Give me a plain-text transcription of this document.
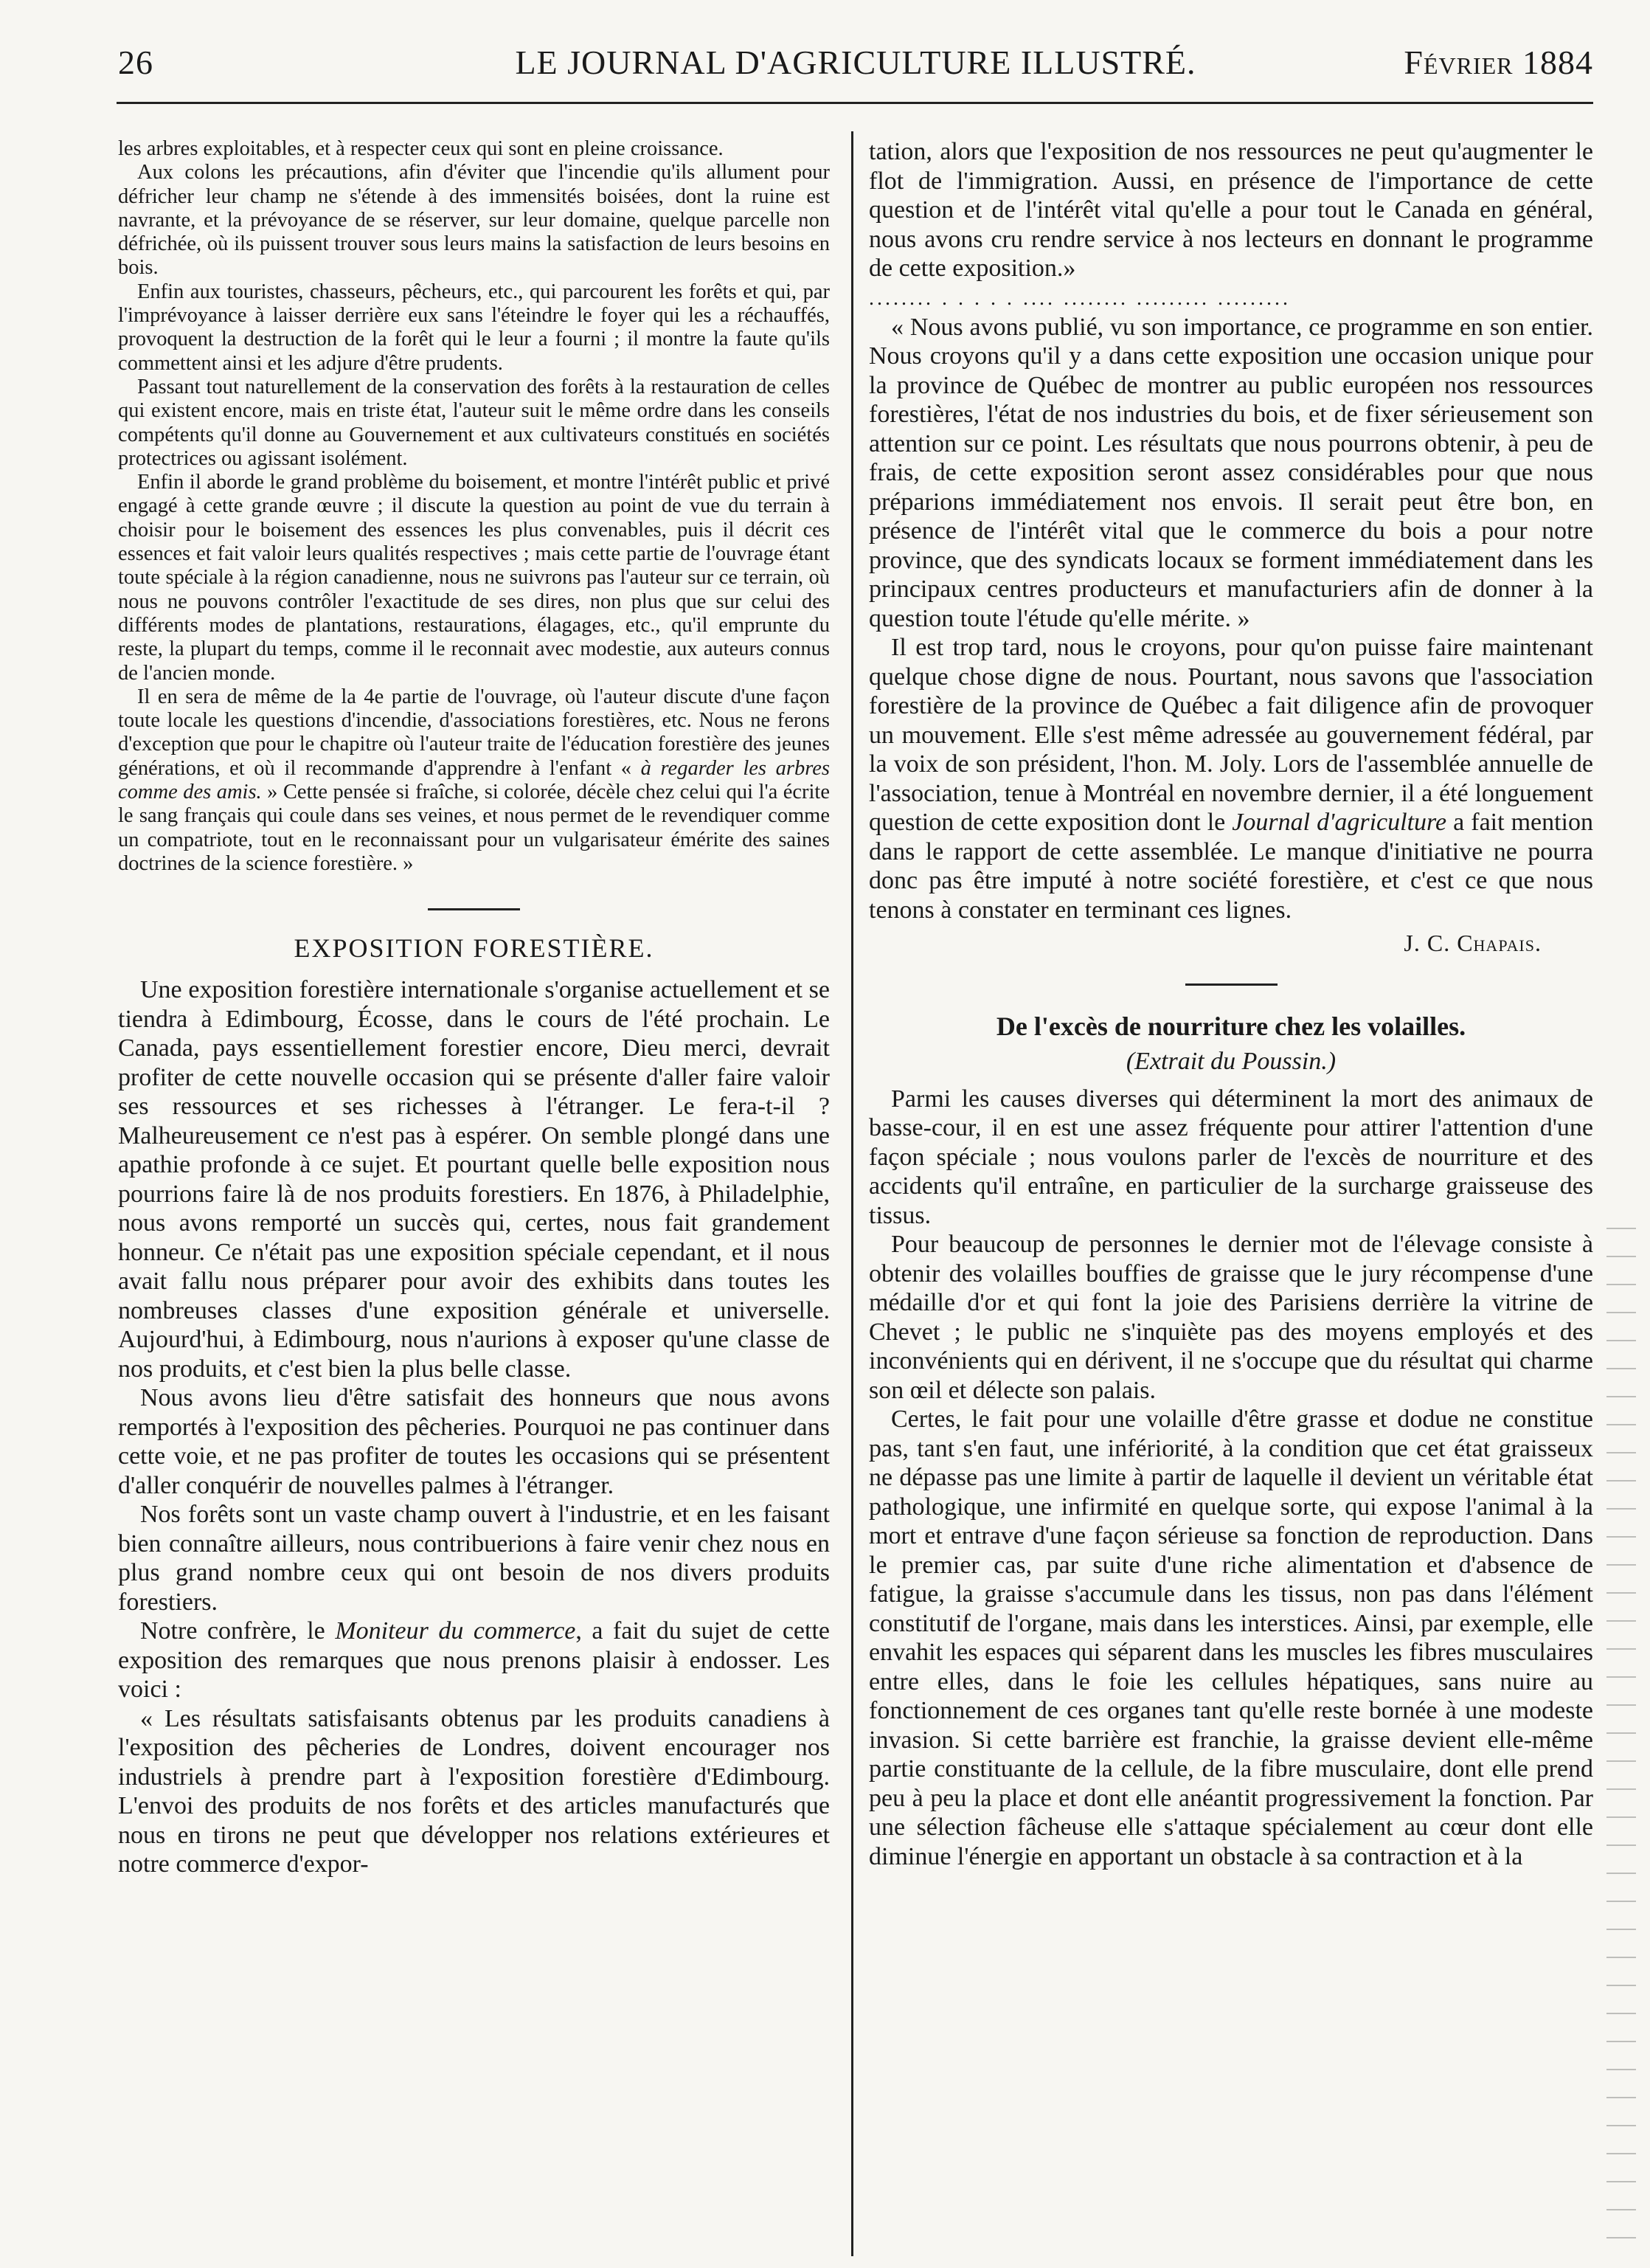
26	LE JOURNAL D'AGRICULTURE ILLUSTRÉ.	Février 1884

les arbres exploitables, et à respecter ceux qui sont en pleine croissance.

Aux colons les précautions, afin d'éviter que l'incendie qu'ils allument pour défricher leur champ ne s'étende à des immensités boisées, dont la ruine est navrante, et la prévoyance de se réserver, sur leur domaine, quelque parcelle non défrichée, où ils puissent trouver sous leurs mains la satisfaction de leurs besoins en bois.

Enfin aux touristes, chasseurs, pêcheurs, etc., qui parcourent les forêts et qui, par l'imprévoyance à laisser derrière eux sans l'éteindre le foyer qui les a réchauffés, provoquent la destruction de la forêt qui le leur a fourni ; il montre la faute qu'ils commettent ainsi et les adjure d'être prudents.

Passant tout naturellement de la conservation des forêts à la restauration de celles qui existent encore, mais en triste état, l'auteur suit le même ordre dans les conseils compétents qu'il donne au Gouvernement et aux cultivateurs constitués en sociétés protectrices ou agissant isolément.

Enfin il aborde le grand problème du boisement, et montre l'intérêt public et privé engagé à cette grande œuvre ; il discute la question au point de vue du terrain à choisir pour le boisement des essences les plus convenables, puis il décrit ces essences et fait valoir leurs qualités respectives ; mais cette partie de l'ouvrage étant toute spéciale à la région canadienne, nous ne suivrons pas l'auteur sur ce terrain, où nous ne pouvons contrôler l'exactitude de ses dires, non plus que sur celui des différents modes de plantations, restaurations, élagages, etc., qu'il emprunte du reste, la plupart du temps, comme il le reconnait avec modestie, aux auteurs connus de l'ancien monde.

Il en sera de même de la 4e partie de l'ouvrage, où l'auteur discute d'une façon toute locale les questions d'incendie, d'associations forestières, etc. Nous ne ferons d'exception que pour le chapitre où l'auteur traite de l'éducation forestière des jeunes générations, et où il recommande d'apprendre à l'enfant « à regarder les arbres comme des amis. » Cette pensée si fraîche, si colorée, décèle chez celui qui l'a écrite le sang français qui coule dans ses veines, et nous permet de le revendiquer comme un compatriote, tout en le reconnaissant pour un vulgarisateur émérite des saines doctrines de la science forestière. »

EXPOSITION FORESTIÈRE.

Une exposition forestière internationale s'organise actuellement et se tiendra à Edimbourg, Écosse, dans le cours de l'été prochain. Le Canada, pays essentiellement forestier encore, Dieu merci, devrait profiter de cette nouvelle occasion qui se présente d'aller faire valoir ses ressources et ses richesses à l'étranger. Le fera-t-il ? Malheureusement ce n'est pas à espérer. On semble plongé dans une apathie profonde à ce sujet. Et pourtant quelle belle exposition nous pourrions faire là de nos produits forestiers. En 1876, à Philadelphie, nous avons remporté un succès qui, certes, nous fait grandement honneur. Ce n'était pas une exposition spéciale cependant, et il nous avait fallu nous préparer pour avoir des exhibits dans toutes les nombreuses classes d'une exposition générale et universelle. Aujourd'hui, à Edimbourg, nous n'aurions à exposer qu'une classe de nos produits, et c'est bien la plus belle classe.

Nous avons lieu d'être satisfait des honneurs que nous avons remportés à l'exposition des pêcheries. Pourquoi ne pas continuer dans cette voie, et ne pas profiter de toutes les occasions qui se présentent d'aller conquérir de nouvelles palmes à l'étranger.

Nos forêts sont un vaste champ ouvert à l'industrie, et en les faisant bien connaître ailleurs, nous contribuerions à faire venir chez nous en plus grand nombre ceux qui ont besoin de nos divers produits forestiers.

Notre confrère, le Moniteur du commerce, a fait du sujet de cette exposition des remarques que nous prenons plaisir à endosser. Les voici :

« Les résultats satisfaisants obtenus par les produits canadiens à l'exposition des pêcheries de Londres, doivent encourager nos industriels à prendre part à l'exposition forestière d'Edimbourg. L'envoi des produits de nos forêts et des articles manufacturés que nous en tirons ne peut que développer nos relations extérieures et notre commerce d'expor-

tation, alors que l'exposition de nos ressources ne peut qu'augmenter le flot de l'immigration. Aussi, en présence de l'importance de cette question et de l'intérêt vital qu'elle a pour tout le Canada en général, nous avons cru rendre service à nos lecteurs en donnant le programme de cette exposition.»

........ . . . . . .... ........ ......... .........

« Nous avons publié, vu son importance, ce programme en son entier. Nous croyons qu'il y a dans cette exposition une occasion unique pour la province de Québec de montrer au public européen nos ressources forestières, l'état de nos industries du bois, et de fixer sérieusement son attention sur ce point. Les résultats que nous pourrons obtenir, à peu de frais, de cette exposition seront assez considérables pour que nous préparions immédiatement nos envois. Il serait peut être bon, en présence de l'intérêt vital que le commerce du bois a pour notre province, que des syndicats locaux se forment immédiatement dans les principaux centres producteurs et manufacturiers afin de donner à la question toute l'étude qu'elle mérite. »

Il est trop tard, nous le croyons, pour qu'on puisse faire maintenant quelque chose digne de nous. Pourtant, nous savons que l'association forestière de la province de Québec a fait diligence afin de provoquer un mouvement. Elle s'est même adressée au gouvernement fédéral, par la voix de son président, l'hon. M. Joly. Lors de l'assemblée annuelle de l'association, tenue à Montréal en novembre dernier, il a été longuement question de cette exposition dont le Journal d'agriculture a fait mention dans le rapport de cette assemblée. Le manque d'initiative ne pourra donc pas être imputé à notre société forestière, et c'est ce que nous tenons à constater en terminant ces lignes.

J. C. Chapais.
De l'excès de nourriture chez les volailles.
(Extrait du Poussin.)

Parmi les causes diverses qui déterminent la mort des animaux de basse-cour, il en est une assez fréquente pour attirer l'attention d'une façon spéciale ; nous voulons parler de l'excès de nourriture et des accidents qu'il entraîne, en particulier de la surcharge graisseuse des tissus.

Pour beaucoup de personnes le dernier mot de l'élevage consiste à obtenir des volailles bouffies de graisse que le jury récompense d'une médaille d'or et qui font la joie des Parisiens derrière la vitrine de Chevet ; le public ne s'inquiète pas des moyens employés et des inconvénients qui en dérivent, il ne s'occupe que du résultat qui charme son œil et délecte son palais.

Certes, le fait pour une volaille d'être grasse et dodue ne constitue pas, tant s'en faut, une infériorité, à la condition que cet état graisseux ne dépasse pas une limite à partir de laquelle il devient un véritable état pathologique, une infirmité en quelque sorte, qui expose l'animal à la mort et entrave d'une façon sérieuse sa fonction de reproduction. Dans le premier cas, par suite d'une riche alimentation et d'absence de fatigue, la graisse s'accumule dans les tissus, non pas dans l'élément constitutif de l'organe, mais dans les interstices. Ainsi, par exemple, elle envahit les espaces qui séparent dans les muscles les fibres musculaires entre elles, dans le foie les cellules hépatiques, sans nuire au fonctionnement de ces organes tant qu'elle reste bornée à une modeste invasion. Si cette barrière est franchie, la graisse devient elle-même partie constituante de la cellule, de la fibre musculaire, dont elle prend peu à peu la place et dont elle anéantit progressivement la fonction. Par une sélection fâcheuse elle s'attaque spécialement au cœur dont elle diminue l'énergie en apportant un obstacle à sa contraction et à la
